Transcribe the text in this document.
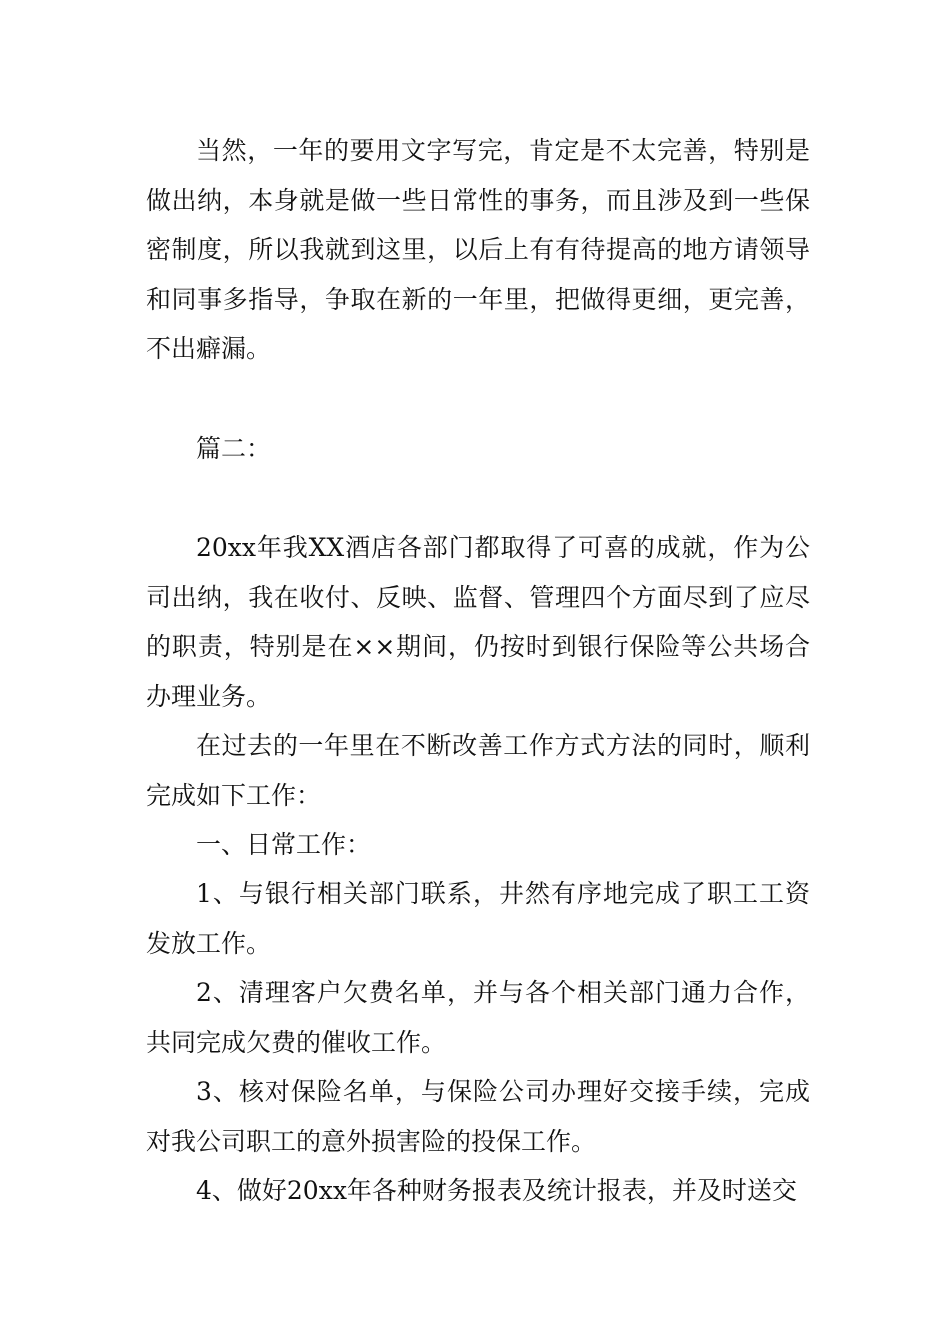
当然，一年的要用文字写完，肯定是不太完善，特别是做出纳，本身就是做一些日常性的事务，而且涉及到一些保密制度，所以我就到这里，以后上有有待提高的地方请领导和同事多指导，争取在新的一年里，把做得更细，更完善，不出癖漏。

篇二：

20xx年我XX酒店各部门都取得了可喜的成就，作为公司出纳，我在收付、反映、监督、管理四个方面尽到了应尽的职责，特别是在××期间，仍按时到银行保险等公共场合办理业务。

在过去的一年里在不断改善工作方式方法的同时，顺利完成如下工作：

一、日常工作：

1、与银行相关部门联系，井然有序地完成了职工工资发放工作。

2、清理客户欠费名单，并与各个相关部门通力合作，共同完成欠费的催收工作。

3、核对保险名单，与保险公司办理好交接手续，完成对我公司职工的意外损害险的投保工作。

4、做好20xx年各种财务报表及统计报表，并及时送交
